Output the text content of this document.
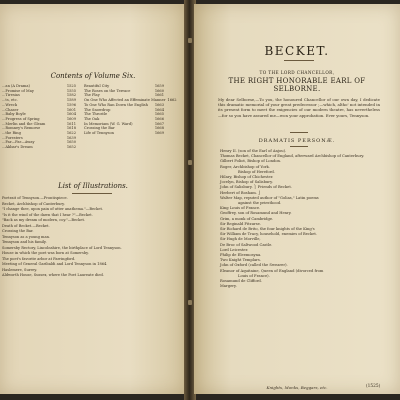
Contents of Volume Six.
...an (A Drama)	1525
...Promise of May	1555
...Tiresias	1582
...ts, etc.	1589
...Wreck	1596
...Chaser	1601
...Baby Boyle	1604
...Progress of Spring	1609
...Merlin and the Gleam	1611
...Romney's Remorse	1618
...the Ring	1622
...Foresters	1639
...Far—Far—Away	1650
...Akbar's Dream	1652
Beautiful City	1659
The Roses on the Terrace	1660
The Play	1661
On One Who Affected an Effeminate Manner 1662
To One Who Ran Down the English	1663
The Snowdrop	1664
The Throstle	1665
The Oak	1666
In Memoriam (W. G. Ward)	1667
Crossing the Bar	1668
Life of Tennyson	1669
List of Illustrations.
Portrait of Tennyson.—Frontispiece.
Becket, Archbishop of Canterbury.
"I change thee, upon pain of utter anathema."—Becket.
"Is it the wind of the dawn that I hear ?"—Becket.
"Back as my dream of modern, coy."—Becket.
Death of Becket.—Becket.
Crossing the Bar.
Tennyson as a young man.
Tennyson and his family.
Somersby Rectory, Lincolnshire, the birthplace of Lord Tennyson.
House in which the poet was born at Somersby.
The poet's favorite arbor at Farringford.
Meeting of General Garibaldi and Lord Tennyson in 1864.
Haslemere, Surrey.
Aldworth House, Sussex, where the Poet Laureate died.
BECKET.
TO THE LORD CHANCELLOR,
THE RIGHT HONORABLE EARL OF
SELBORNE.
My dear Selborne,—To you, the honoured Chancellor of our own day, I dedicate this dramatic memorial of your great predecessor ;—which, altho' not intended in its present form to meet the exigencies of our modern theatre, has nevertheless—for so you have assured me—won your approbation. Ever yours, Tennyson.
DRAMATIS PERSONÆ.
Henry II. (son of the Earl of Anjou).
Thomas Becket, Chancellor of England, afterward Archbishop of Canterbury.
Gilbert Foliot, Bishop of London.
Roger, Archbishop of York.
Bishop of Hereford.
Hilary, Bishop of Chichester.
Jocelyn, Bishop of Salisbury.
John of Salisbury. ⎫ Friends of Becket.
Herbert of Bosham. ⎭
Walter Map, reputed author of "Golias," Latin poems
against the priesthood.
King Louis of France.
Geoffrey, son of Rosamund and Henry.
Grim, a monk of Cambridge.
Sir Reginald Fitzurse.
Sir Richard de Brito, the four knights of the King's
Sir William de Tracy, household, enemies of Becket.
Sir Hugh de Morville,
De Broc of Saltwood Castle.
Lord Leicester.
Philip de Eleemosyna.
Two Knight Templars.
John of Oxford (called the Swearer).
Eleanor of Aquitaine, Queen of England (divorced from
Louis of France).
Rosamund de Clifford.
Margery.
Knights, Monks, Beggars, etc.	(1525)
